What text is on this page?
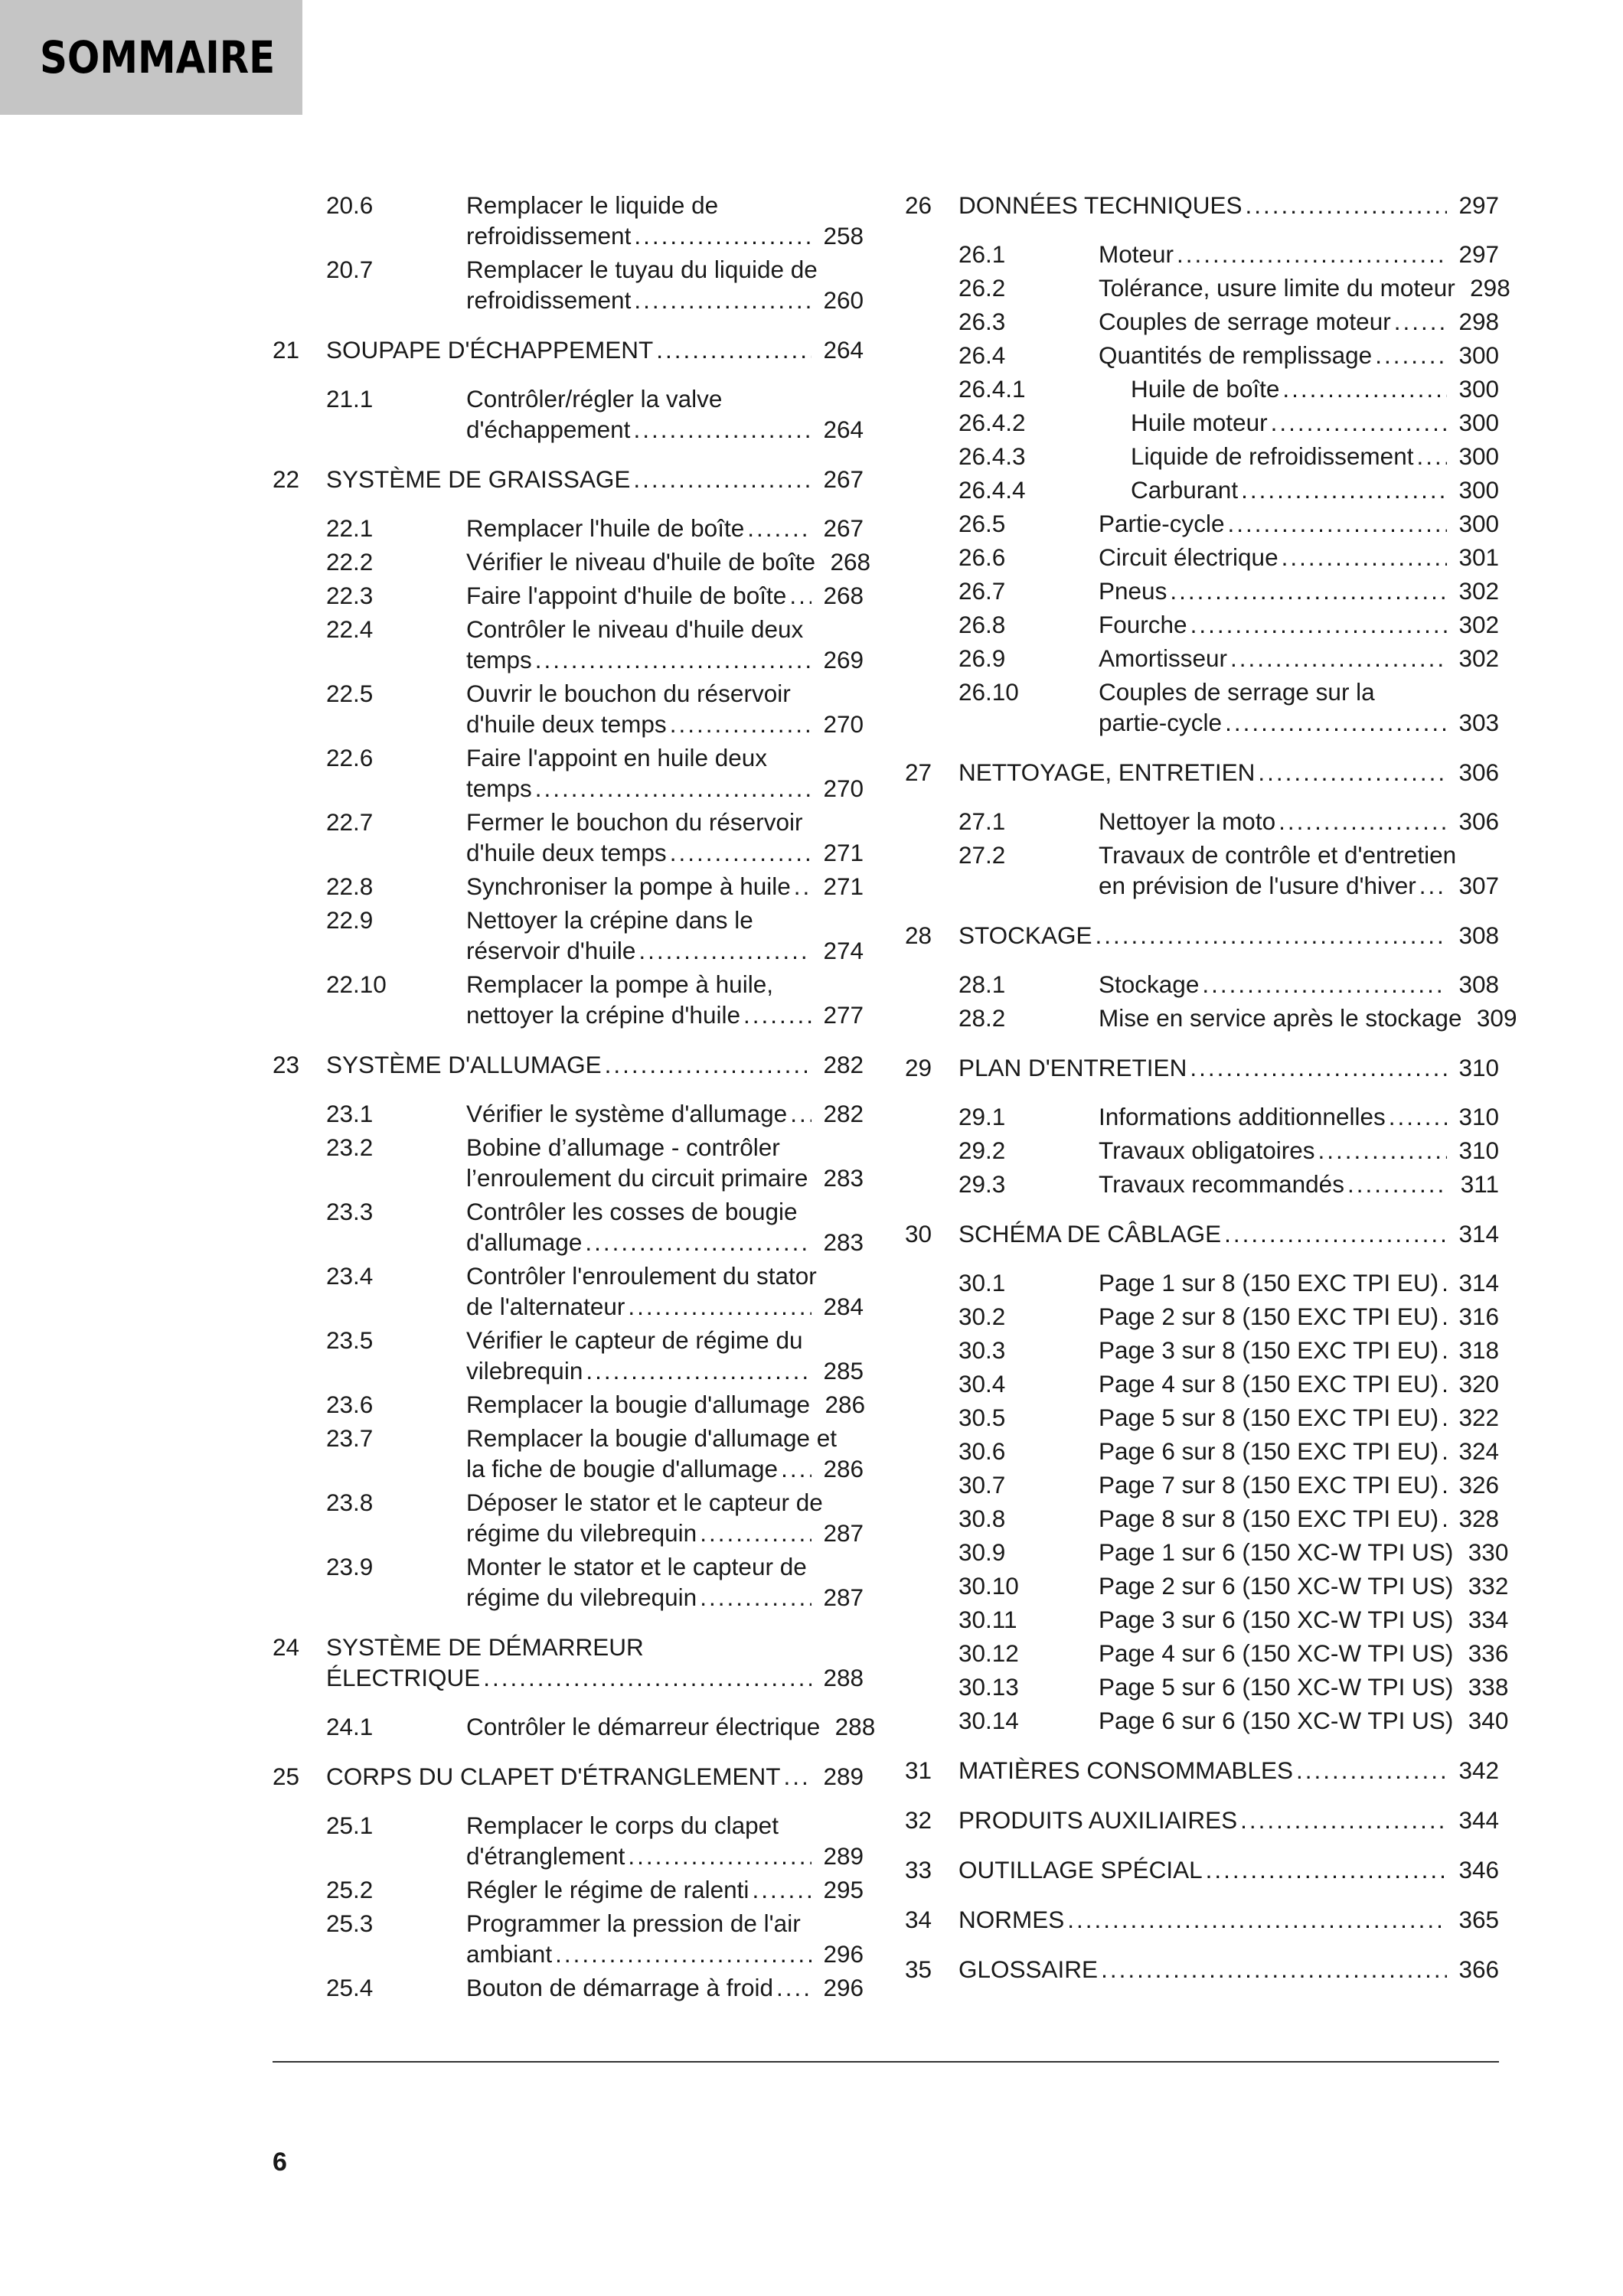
SOMMAIRE
20.6	Remplacer le liquide de
refroidissement .....	258
20.7	Remplacer le tuyau du liquide de
refroidissement .....	260
21 SOUPAPE D'ÉCHAPPEMENT .....	264
21.1	Contrôler/régler la valve
d'échappement .....	264
22 SYSTÈME DE GRAISSAGE .....	267
22.1	Remplacer l'huile de boîte .....	267
22.2	Vérifier le niveau d'huile de boîte 268
22.3	Faire l'appoint d'huile de boîte ..... 268
22.4	Contrôler le niveau d'huile deux
temps .....	269
22.5	Ouvrir le bouchon du réservoir
d'huile deux temps .....	270
22.6	Faire l'appoint en huile deux
temps .....	270
22.7	Fermer le bouchon du réservoir
d'huile deux temps .....	271
22.8	Synchroniser la pompe à huile ..... 271
22.9	Nettoyer la crépine dans le
réservoir d'huile .....	274
22.10	Remplacer la pompe à huile,
nettoyer la crépine d'huile .....	277
23 SYSTÈME D'ALLUMAGE .....	282
23.1	Vérifier le système d'allumage ..... 282
23.2	Bobine d’allumage - contrôler
l’enroulement du circuit primaire ..... 283
23.3	Contrôler les cosses de bougie
d'allumage .....	283
23.4	Contrôler l'enroulement du stator
de l'alternateur .....	284
23.5	Vérifier le capteur de régime du
vilebrequin .....	285
23.6	Remplacer la bougie d'allumage 286
23.7	Remplacer la bougie d'allumage et
la fiche de bougie d'allumage ..... 286
23.8	Déposer le stator et le capteur de
régime du vilebrequin .....	287
23.9	Monter le stator et le capteur de
régime du vilebrequin .....	287
24 SYSTÈME DE DÉMARREUR
ÉLECTRIQUE .....	288
24.1	Contrôler le démarreur électrique 288
25 CORPS DU CLAPET D'ÉTRANGLEMENT ..... 289
25.1	Remplacer le corps du clapet
d'étranglement .....	289
25.2	Régler le régime de ralenti .....	295
25.3	Programmer la pression de l'air
ambiant .....	296
25.4	Bouton de démarrage à froid ..... 296
26 DONNÉES TECHNIQUES .....	297
26.1	Moteur .....	297
26.2	Tolérance, usure limite du moteur 298
26.3	Couples de serrage moteur .....	298
26.4	Quantités de remplissage .....	300
26.4.1	Huile de boîte .....	300
26.4.2	Huile moteur .....	300
26.4.3	Liquide de refroidissement ..... 300
26.4.4	Carburant .....	300
26.5	Partie-cycle .....	300
26.6	Circuit électrique .....	301
26.7	Pneus .....	302
26.8	Fourche .....	302
26.9	Amortisseur .....	302
26.10	Couples de serrage sur la
partie-cycle .....	303
27 NETTOYAGE, ENTRETIEN .....	306
27.1	Nettoyer la moto .....	306
27.2	Travaux de contrôle et d'entretien
en prévision de l'usure d'hiver ..... 307
28 STOCKAGE .....	308
28.1	Stockage .....	308
28.2	Mise en service après le stockage 309
29 PLAN D'ENTRETIEN .....	310
29.1	Informations additionnelles .....	310
29.2	Travaux obligatoires .....	310
29.3	Travaux recommandés .....	311
30 SCHÉMA DE CÂBLAGE .....	314
30.1	Page 1 sur 8 (150 EXC TPI EU) ..... 314
30.2	Page 2 sur 8 (150 EXC TPI EU) ..... 316
30.3	Page 3 sur 8 (150 EXC TPI EU) ..... 318
30.4	Page 4 sur 8 (150 EXC TPI EU) ..... 320
30.5	Page 5 sur 8 (150 EXC TPI EU) ..... 322
30.6	Page 6 sur 8 (150 EXC TPI EU) ..... 324
30.7	Page 7 sur 8 (150 EXC TPI EU) ..... 326
30.8	Page 8 sur 8 (150 EXC TPI EU) ..... 328
30.9	Page 1 sur 6 (150 XC-W TPI US) 330
30.10	Page 2 sur 6 (150 XC-W TPI US) 332
30.11	Page 3 sur 6 (150 XC-W TPI US) 334
30.12	Page 4 sur 6 (150 XC-W TPI US) 336
30.13	Page 5 sur 6 (150 XC-W TPI US) 338
30.14	Page 6 sur 6 (150 XC-W TPI US) 340
31 MATIÈRES CONSOMMABLES .....	342
32 PRODUITS AUXILIAIRES .....	344
33 OUTILLAGE SPÉCIAL .....	346
34 NORMES .....	365
35 GLOSSAIRE .....	366
6
